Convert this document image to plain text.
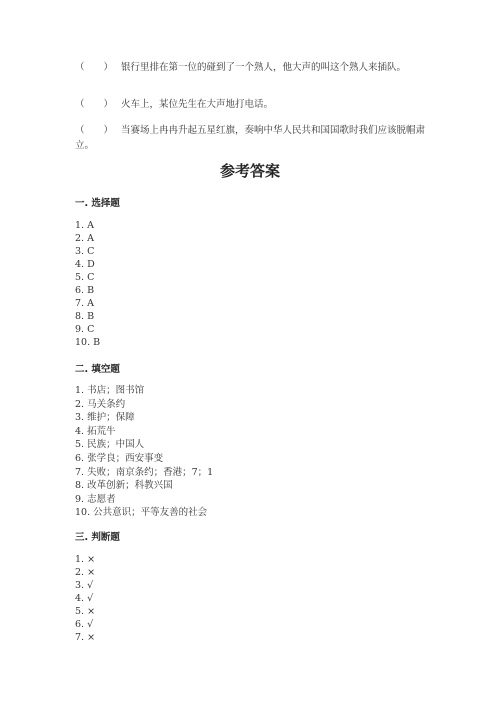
（　　） 银行里排在第一位的碰到了一个熟人，他大声的叫这个熟人来插队。

（　　） 火车上，某位先生在大声地打电话。

（　　） 当赛场上冉冉升起五星红旗，奏响中华人民共和国国歌时我们应该脱帽肃立。

参考答案
一. 选择题
1. A
2. A
3. C
4. D
5. C
6. B
7. A
8. B
9. C
10. B
二. 填空题
1. 书店；图书馆
2. 马关条约
3. 维护；保障
4. 拓荒牛
5. 民族；中国人
6. 张学良；西安事变
7. 失败；南京条约；香港；7；1
8. 改革创新；科教兴国
9. 志愿者
10. 公共意识；平等友善的社会
三. 判断题
1. ×
2. ×
3. √
4. √
5. ×
6. √
7. ×
